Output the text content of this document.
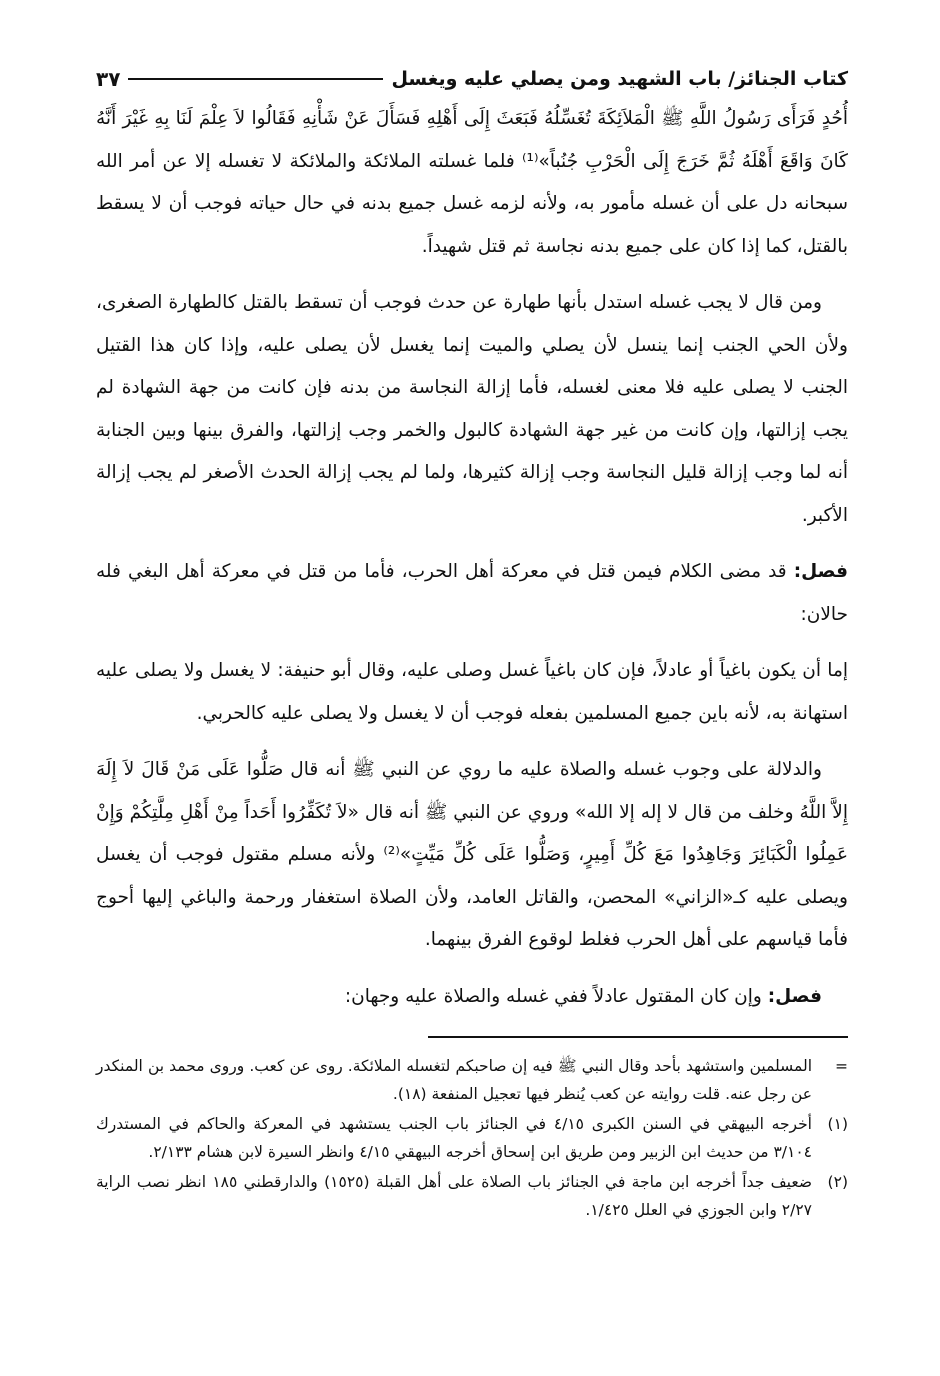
كتاب الجنائز/ باب الشهيد ومن يصلي عليه ويغسل
٣٧

أُحُدٍ فَرَأَى رَسُولُ اللَّهِ ﷺ الْمَلاَئِكَةَ تُغَسِّلُهُ فَبَعَثَ إِلَى أَهْلِهِ فَسَأَلَ عَنْ شَأْنِهِ فَقَالُوا لاَ عِلْمَ لَنَا بِهِ غَيْرَ أَنَّهُ كَانَ وَاقَعَ أَهْلَهُ ثُمَّ خَرَجَ إِلَى الْحَرْبِ جُنُباً»⁽¹⁾ فلما غسلته الملائكة والملائكة لا تغسله إلا عن أمر الله سبحانه دل على أن غسله مأمور به، ولأنه لزمه غسل جميع بدنه في حال حياته فوجب أن لا يسقط بالقتل، كما إذا كان على جميع بدنه نجاسة ثم قتل شهيداً.

ومن قال لا يجب غسله استدل بأنها طهارة عن حدث فوجب أن تسقط بالقتل كالطهارة الصغرى، ولأن الحي الجنب إنما ينسل لأن يصلي والميت إنما يغسل لأن يصلى عليه، وإذا كان هذا القتيل الجنب لا يصلى عليه فلا معنى لغسله، فأما إزالة النجاسة من بدنه فإن كانت من جهة الشهادة لم يجب إزالتها، وإن كانت من غير جهة الشهادة كالبول والخمر وجب إزالتها، والفرق بينها وبين الجنابة أنه لما وجب إزالة قليل النجاسة وجب إزالة كثيرها، ولما لم يجب إزالة الحدث الأصغر لم يجب إزالة الأكبر.

فصل: قد مضى الكلام فيمن قتل في معركة أهل الحرب، فأما من قتل في معركة أهل البغي فله حالان:

إما أن يكون باغياً أو عادلاً، فإن كان باغياً غسل وصلى عليه، وقال أبو حنيفة: لا يغسل ولا يصلى عليه استهانة به، لأنه باين جميع المسلمين بفعله فوجب أن لا يغسل ولا يصلى عليه كالحربي.

والدلالة على وجوب غسله والصلاة عليه ما روي عن النبي ﷺ أنه قال صَلُّوا عَلَى مَنْ قَالَ لاَ إِلَهَ إِلاَّ اللَّهُ وخلف من قال لا إله إلا الله» وروي عن النبي ﷺ أنه قال «لاَ تُكَفِّرُوا أَحَداً مِنْ أَهْلِ مِلَّتِكُمْ وَإِنْ عَمِلُوا الْكَبَائِرَ وَجَاهِدُوا مَعَ كُلِّ أَمِيرٍ، وَصَلُّوا عَلَى كُلِّ مَيِّتٍ»⁽²⁾ ولأنه مسلم مقتول فوجب أن يغسل ويصلى عليه كـ«الزاني» المحصن، والقاتل العامد، ولأن الصلاة استغفار ورحمة والباغي إليها أحوج فأما قياسهم على أهل الحرب فغلط لوقوع الفرق بينهما.

فصل: وإن كان المقتول عادلاً ففي غسله والصلاة عليه وجهان:

=
المسلمين واستشهد بأحد وقال النبي ﷺ فيه إن صاحبكم لتغسله الملائكة. روى عن كعب. وروى محمد بن المنكدر عن رجل عنه. قلت روايته عن كعب يُنظر فيها تعجيل المنفعة (١٨).
(١)
أخرجه البيهقي في السنن الكبرى ٤/١٥ في الجنائز باب الجنب يستشهد في المعركة والحاكم في المستدرك ٣/١٠٤ من حديث ابن الزبير ومن طريق ابن إسحاق أخرجه البيهقي ٤/١٥ وانظر السيرة لابن هشام ٢/١٣٣.
(٢)
ضعيف جداً أخرجه ابن ماجة في الجنائز باب الصلاة على أهل القبلة (١٥٢٥) والدارقطني ١٨٥ انظر نصب الراية ٢/٢٧ وابن الجوزي في العلل ١/٤٢٥.
